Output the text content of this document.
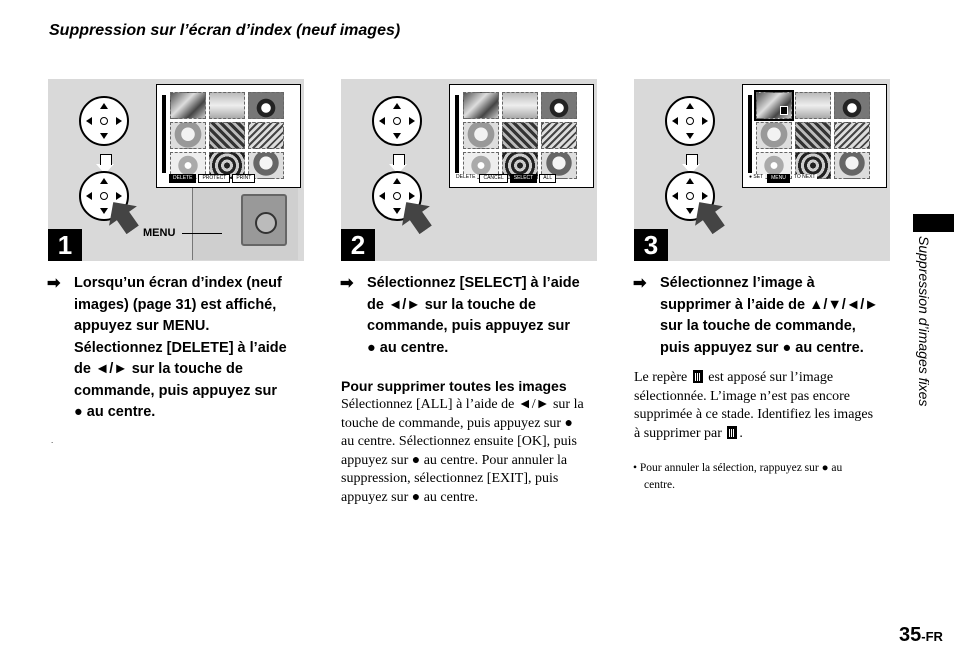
Suppression sur l’écran d’index (neuf images)
DELETE	PROTECT	PRINT
MENU
1
DELETE	CANCEL	SELECT	ALL
2
● SET	MENU	TO NEXT
3
➡ Lorsqu’un écran d’index (neuf
images) (page 31) est affiché,
appuyez sur MENU.
Sélectionnez [DELETE] à l’aide
de ◄/► sur la touche de
commande, puis appuyez sur
● au centre.
.
➡ Sélectionnez [SELECT] à l’aide
de ◄/► sur la touche de
commande, puis appuyez sur
● au centre.
Pour supprimer toutes les images
Sélectionnez [ALL] à l’aide de ◄/► sur la
touche de commande, puis appuyez sur ●
au centre. Sélectionnez ensuite [OK], puis
appuyez sur ● au centre. Pour annuler la
suppression, sélectionnez [EXIT], puis
appuyez sur ● au centre.
➡ Sélectionnez l’image à
supprimer à l’aide de ▲/▼/◄/►
sur la touche de commande,
puis appuyez sur ● au centre.
Le repère est apposé sur l’image
sélectionnée. L’image n’est pas encore
supprimée à ce stade. Identifiez les images
à supprimer par .
• Pour annuler la sélection, rappuyez sur ● au
centre.
Suppression d’images fixes
35-FR
